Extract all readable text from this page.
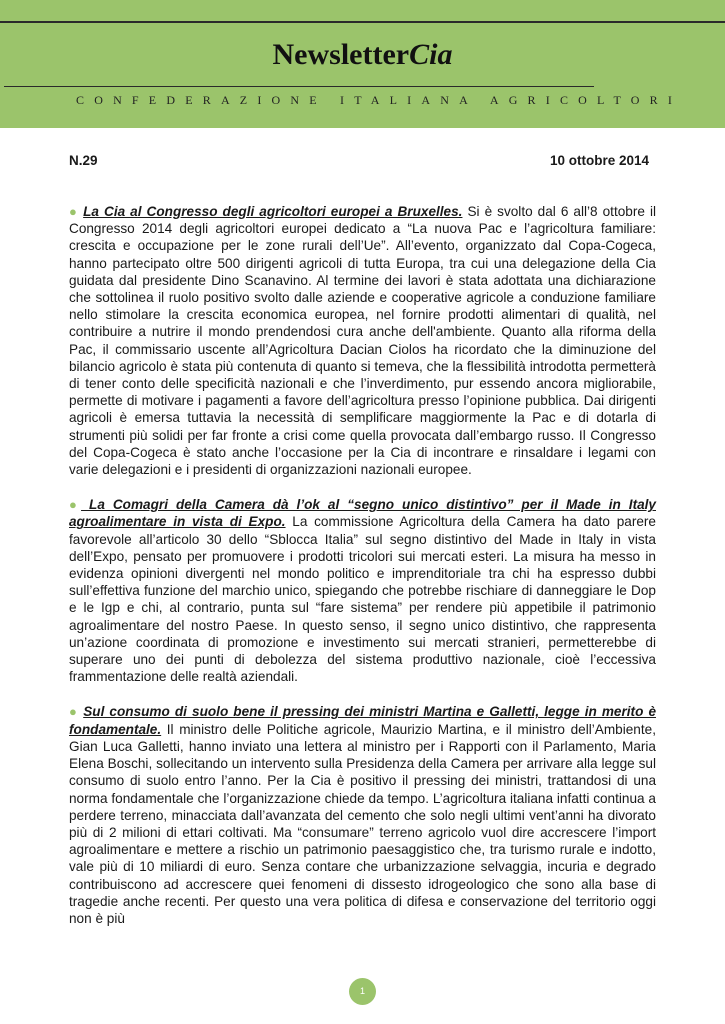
NewsletterCia
CONFEDERAZIONE ITALIANA AGRICOLTORI
N.29	10 ottobre 2014

● La Cia al Congresso degli agricoltori europei a Bruxelles. Si è svolto dal 6 all’8 ottobre il Congresso 2014 degli agricoltori europei dedicato a “La nuova Pac e l’agricoltura familiare: crescita e occupazione per le zone rurali dell’Ue”. All’evento, organizzato dal Copa-Cogeca, hanno partecipato oltre 500 dirigenti agricoli di tutta Europa, tra cui una delegazione della Cia guidata dal presidente Dino Scanavino. Al termine dei lavori è stata adottata una dichiarazione che sottolinea il ruolo positivo svolto dalle aziende e cooperative agricole a conduzione familiare nello stimolare la crescita economica europea, nel fornire prodotti alimentari di qualità, nel contribuire a nutrire il mondo prendendosi cura anche dell'ambiente. Quanto alla riforma della Pac, il commissario uscente all’Agricoltura Dacian Ciolos ha ricordato che la diminuzione del bilancio agricolo è stata più contenuta di quanto si temeva, che la flessibilità introdotta permetterà di tener conto delle specificità nazionali e che l’inverdimento, pur essendo ancora migliorabile, permette di motivare i pagamenti a favore dell’agricoltura presso l’opinione pubblica. Dai dirigenti agricoli è emersa tuttavia la necessità di semplificare maggiormente la Pac e di dotarla di strumenti più solidi per far fronte a crisi come quella provocata dall’embargo russo. Il Congresso del Copa-Cogeca è stato anche l’occasione per la Cia di incontrare e rinsaldare i legami con varie delegazioni e i presidenti di organizzazioni nazionali europee.

● La Comagri della Camera dà l’ok al “segno unico distintivo” per il Made in Italy agroalimentare in vista di Expo. La commissione Agricoltura della Camera ha dato parere favorevole all’articolo 30 dello “Sblocca Italia” sul segno distintivo del Made in Italy in vista dell’Expo, pensato per promuovere i prodotti tricolori sui mercati esteri. La misura ha messo in evidenza opinioni divergenti nel mondo politico e imprenditoriale tra chi ha espresso dubbi sull’effettiva funzione del marchio unico, spiegando che potrebbe rischiare di danneggiare le Dop e le Igp e chi, al contrario, punta sul “fare sistema” per rendere più appetibile il patrimonio agroalimentare del nostro Paese. In questo senso, il segno unico distintivo, che rappresenta un’azione coordinata di promozione e investimento sui mercati stranieri, permetterebbe di superare uno dei punti di debolezza del sistema produttivo nazionale, cioè l’eccessiva frammentazione delle realtà aziendali.

● Sul consumo di suolo bene il pressing dei ministri Martina e Galletti, legge in merito è fondamentale. Il ministro delle Politiche agricole, Maurizio Martina, e il ministro dell’Ambiente, Gian Luca Galletti, hanno inviato una lettera al ministro per i Rapporti con il Parlamento, Maria Elena Boschi, sollecitando un intervento sulla Presidenza della Camera per arrivare alla legge sul consumo di suolo entro l’anno. Per la Cia è positivo il pressing dei ministri, trattandosi di una norma fondamentale che l’organizzazione chiede da tempo. L’agricoltura italiana infatti continua a perdere terreno, minacciata dall’avanzata del cemento che solo negli ultimi vent’anni ha divorato più di 2 milioni di ettari coltivati. Ma “consumare” terreno agricolo vuol dire accrescere l’import agroalimentare e mettere a rischio un patrimonio paesaggistico che, tra turismo rurale e indotto, vale più di 10 miliardi di euro. Senza contare che urbanizzazione selvaggia, incuria e degrado contribuiscono ad accrescere quei fenomeni di dissesto idrogeologico che sono alla base di tragedie anche recenti. Per questo una vera politica di difesa e conservazione del territorio oggi non è più

1
